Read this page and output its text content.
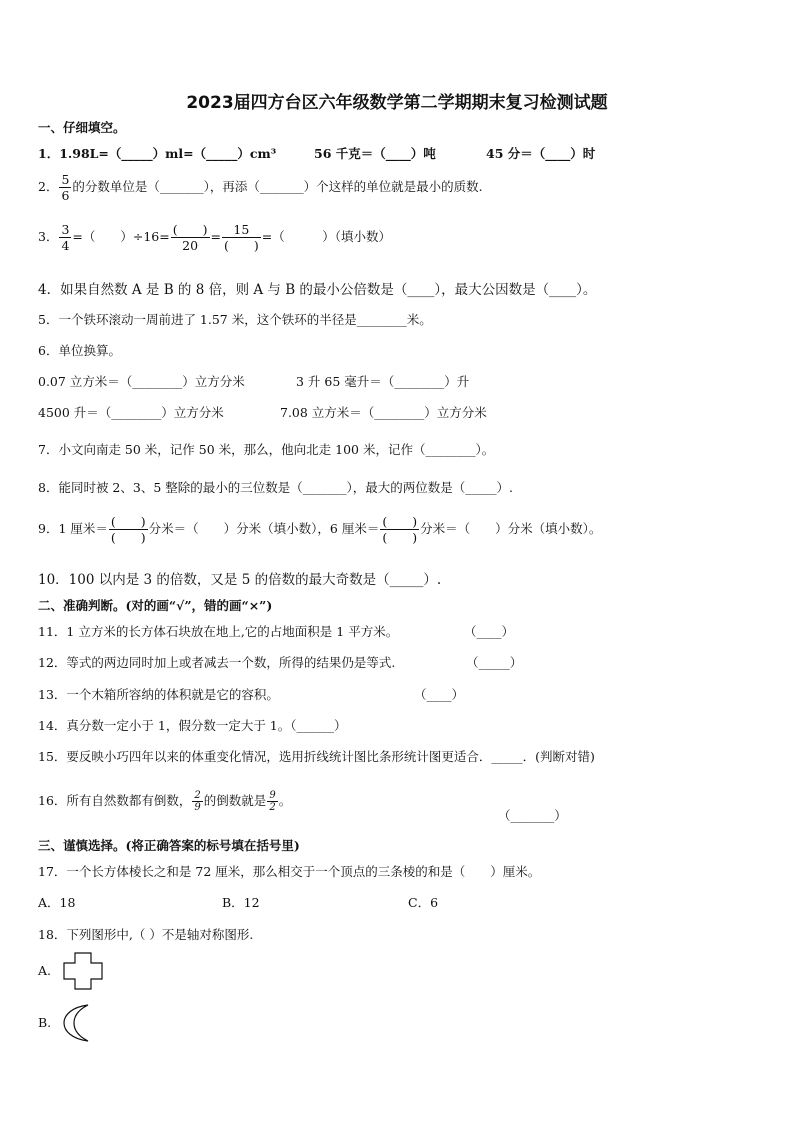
2023届四方台区六年级数学第二学期期末复习检测试题
一、仔细填空。
1．1.98L=（_____）ml=（_____）cm³	56 千克＝（____）吨	45 分＝（____）时
2． $\frac{5}{6}$ 的分数单位是（_______），再添（_______）个这样的单位就是最小的质数.
3． $\frac{3}{4}$ =（　　）$\div 16= \frac{( )}{20} = \frac{15}{( )}$ =（　　　）（填小数）
4．如果自然数 A 是 B 的 8 倍，则 A 与 B 的最小公倍数是（____），最大公因数是（____）。
5．一个铁环滚动一周前进了 1.57 米，这个铁环的半径是________米。
6．单位换算。
0.07 立方米＝（________）立方分米	3 升 65 毫升＝（________）升
4500 升＝（________）立方分米	7.08 立方米＝（________）立方分米
7．小文向南走 50 米，记作 50 米，那么，他向北走 100 米，记作（________）。
8．能同时被 2、3、5 整除的最小的三位数是（_______），最大的两位数是（_____）.
9．1 厘米＝ $\frac{( )}{( )}$ 分米＝（　　）分米（填小数），6 厘米＝ $\frac{( )}{( )}$ 分米＝（　　）分米（填小数）。
10．100 以内是 3 的倍数，又是 5 的倍数的最大奇数是（_____）.
二、准确判断。(对的画“√”，错的画“×”)
11．1 立方米的长方体石块放在地上,它的占地面积是 1 平方米。	（____）
12．等式的两边同时加上或者减去一个数，所得的结果仍是等式.	（_____）
13．一个木箱所容纳的体积就是它的容积。	（____）
14．真分数一定小于 1，假分数一定大于 1。（______）
15．要反映小巧四年以来的体重变化情况，选用折线统计图比条形统计图更适合．_____．(判断对错)
16．所有自然数都有倒数， $\frac{2}{9}$ 的倒数就是 $\frac{9}{2}$ 。
（_______）
三、谨慎选择。(将正确答案的标号填在括号里)
17．一个长方体棱长之和是 72 厘米，那么相交于一个顶点的三条棱的和是（　　）厘米。
A．18	B．12	C．6
18．下列图形中,（ ）不是轴对称图形.
A.
B.
